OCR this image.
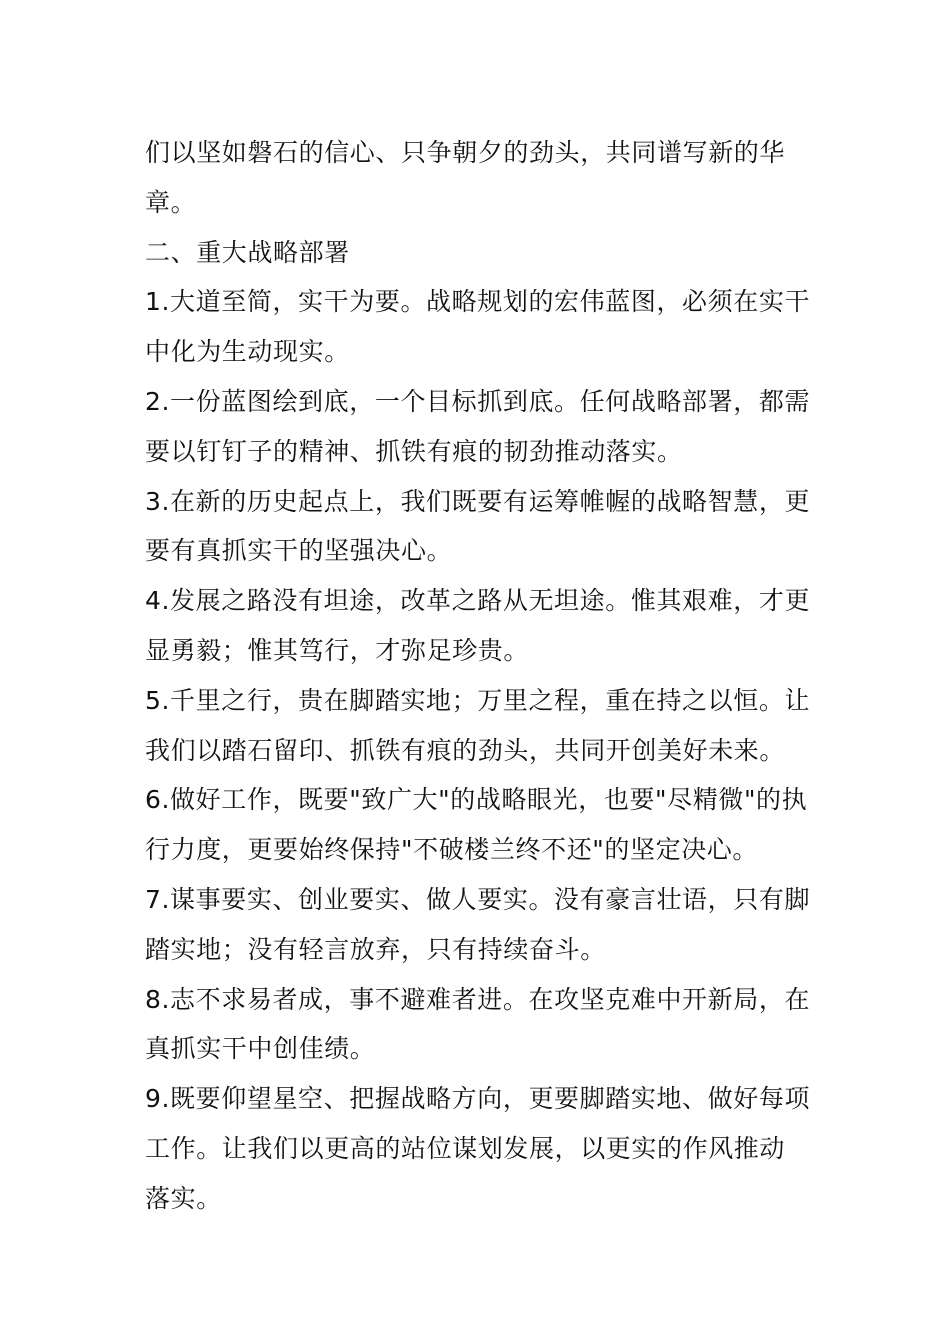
们以坚如磐石的信心、只争朝夕的劲头，共同谱写新的华
章。
二、重大战略部署
1.大道至简，实干为要。战略规划的宏伟蓝图，必须在实干
中化为生动现实。
2.一份蓝图绘到底，一个目标抓到底。任何战略部署，都需
要以钉钉子的精神、抓铁有痕的韧劲推动落实。
3.在新的历史起点上，我们既要有运筹帷幄的战略智慧，更
要有真抓实干的坚强决心。
4.发展之路没有坦途，改革之路从无坦途。惟其艰难，才更
显勇毅；惟其笃行，才弥足珍贵。
5.千里之行，贵在脚踏实地；万里之程，重在持之以恒。让
我们以踏石留印、抓铁有痕的劲头，共同开创美好未来。
6.做好工作，既要"致广大"的战略眼光，也要"尽精微"的执
行力度，更要始终保持"不破楼兰终不还"的坚定决心。
7.谋事要实、创业要实、做人要实。没有豪言壮语，只有脚
踏实地；没有轻言放弃，只有持续奋斗。
8.志不求易者成，事不避难者进。在攻坚克难中开新局，在
真抓实干中创佳绩。
9.既要仰望星空、把握战略方向，更要脚踏实地、做好每项
工作。让我们以更高的站位谋划发展，以更实的作风推动
落实。
